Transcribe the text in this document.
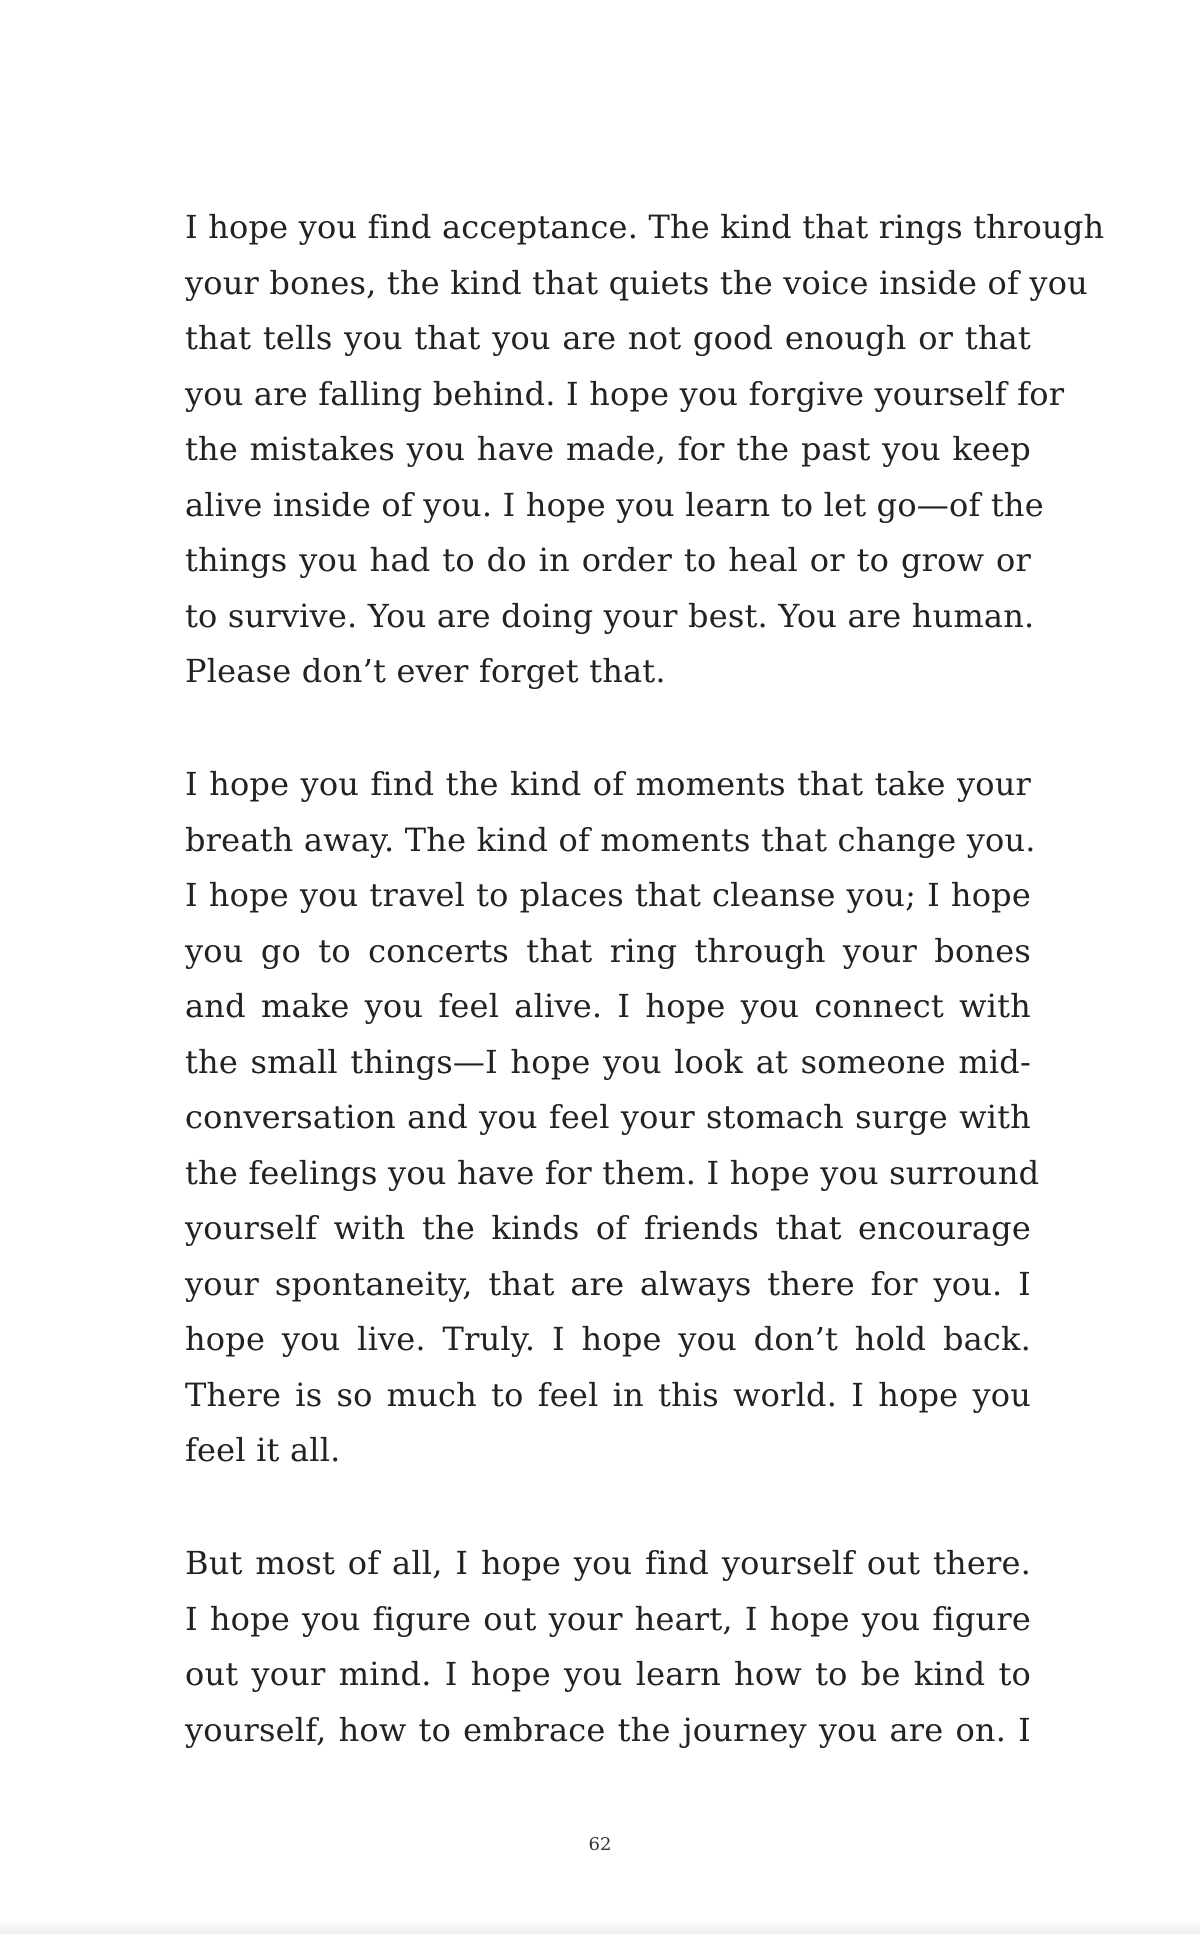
I hope you find acceptance. The kind that rings through
your bones, the kind that quiets the voice inside of you
that tells you that you are not good enough or that
you are falling behind. I hope you forgive yourself for
the mistakes you have made, for the past you keep
alive inside of you. I hope you learn to let go—of the
things you had to do in order to heal or to grow or
to survive. You are doing your best. You are human.
Please don’t ever forget that.
I hope you find the kind of moments that take your
breath away. The kind of moments that change you.
I hope you travel to places that cleanse you; I hope
you go to concerts that ring through your bones
and make you feel alive. I hope you connect with
the small things—I hope you look at someone mid-
conversation and you feel your stomach surge with
the feelings you have for them. I hope you surround
yourself with the kinds of friends that encourage
your spontaneity, that are always there for you. I
hope you live. Truly. I hope you don’t hold back.
There is so much to feel in this world. I hope you
feel it all.
But most of all, I hope you find yourself out there.
I hope you figure out your heart, I hope you figure
out your mind. I hope you learn how to be kind to
yourself, how to embrace the journey you are on. I
62
